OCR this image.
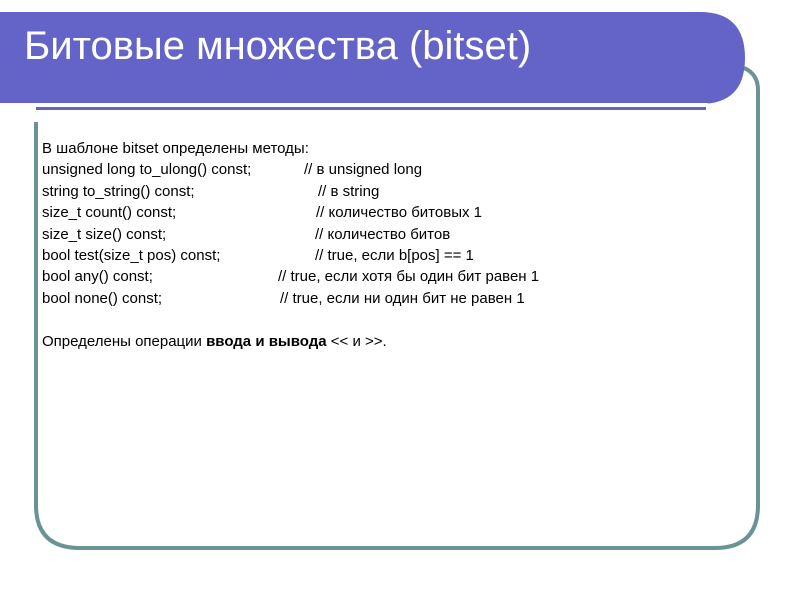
Битовые множества (bitset)
В шаблоне bitset определены методы:
unsigned long to_ulong() const;	// в unsigned long
string to_string() const;	// в string
size_t count() const;	// количество битовых 1
size_t size() const;	// количество битов
bool test(size_t pos) const;	// true, если b[pos] == 1
bool any() const;	// true, если хотя бы один бит равен 1
bool none() const;	// true, если ни один бит не равен 1
Определены операции ввода и вывода << и >>.
